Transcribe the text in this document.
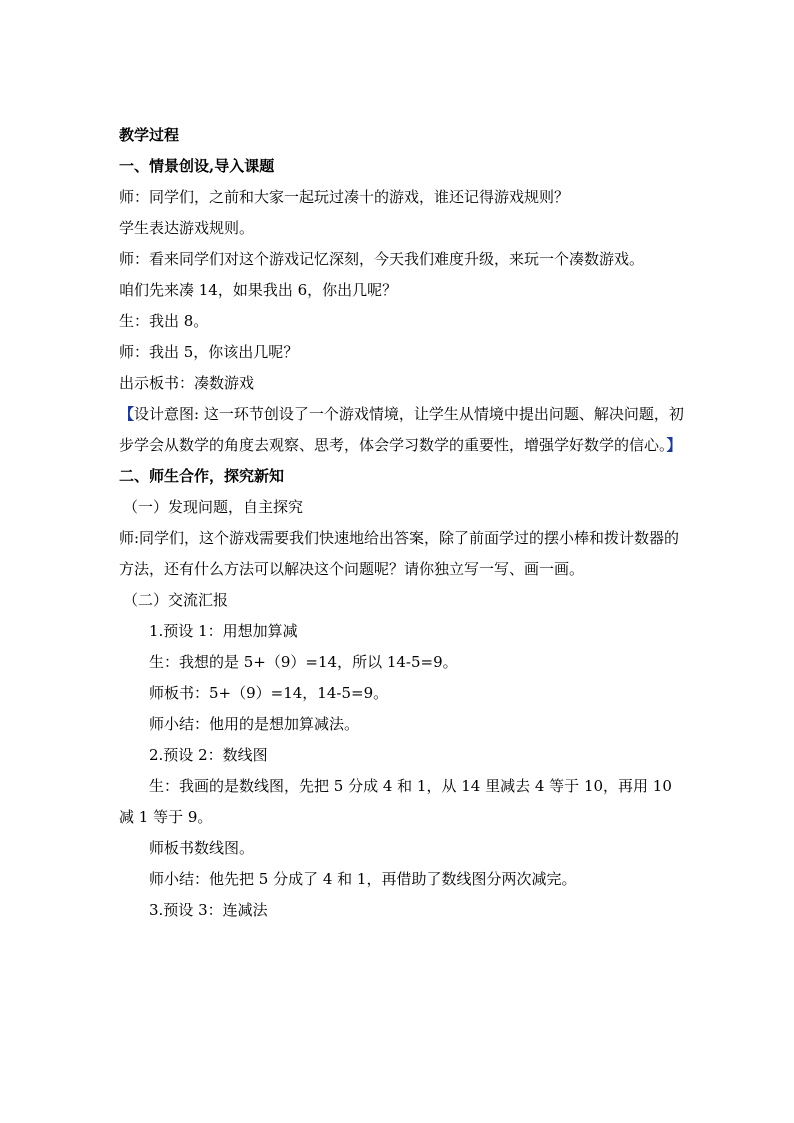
教学过程

一、情景创设,导入课题

师：同学们，之前和大家一起玩过凑十的游戏，谁还记得游戏规则？

学生表达游戏规则。

师：看来同学们对这个游戏记忆深刻，今天我们难度升级，来玩一个凑数游戏。

咱们先来凑 14，如果我出 6，你出几呢？

生：我出 8。

师：我出 5，你该出几呢？

出示板书：凑数游戏

【设计意图: 这一环节创设了一个游戏情境，让学生从情境中提出问题、解决问题，初步学会从数学的角度去观察、思考，体会学习数学的重要性，增强学好数学的信心。】

二、师生合作，探究新知

（一）发现问题，自主探究

师:同学们，这个游戏需要我们快速地给出答案，除了前面学过的摆小棒和拨计数器的方法，还有什么方法可以解决这个问题呢？请你独立写一写、画一画。

（二）交流汇报

1.预设 1：用想加算减

生：我想的是 5+（9）=14，所以 14-5=9。

师板书：5+（9）=14，14-5=9。

师小结：他用的是想加算减法。

2.预设 2：数线图

生：我画的是数线图，先把 5 分成 4 和 1，从 14 里减去 4 等于 10，再用 10 减 1 等于 9。

师板书数线图。

师小结：他先把 5 分成了 4 和 1，再借助了数线图分两次减完。

3.预设 3：连减法
